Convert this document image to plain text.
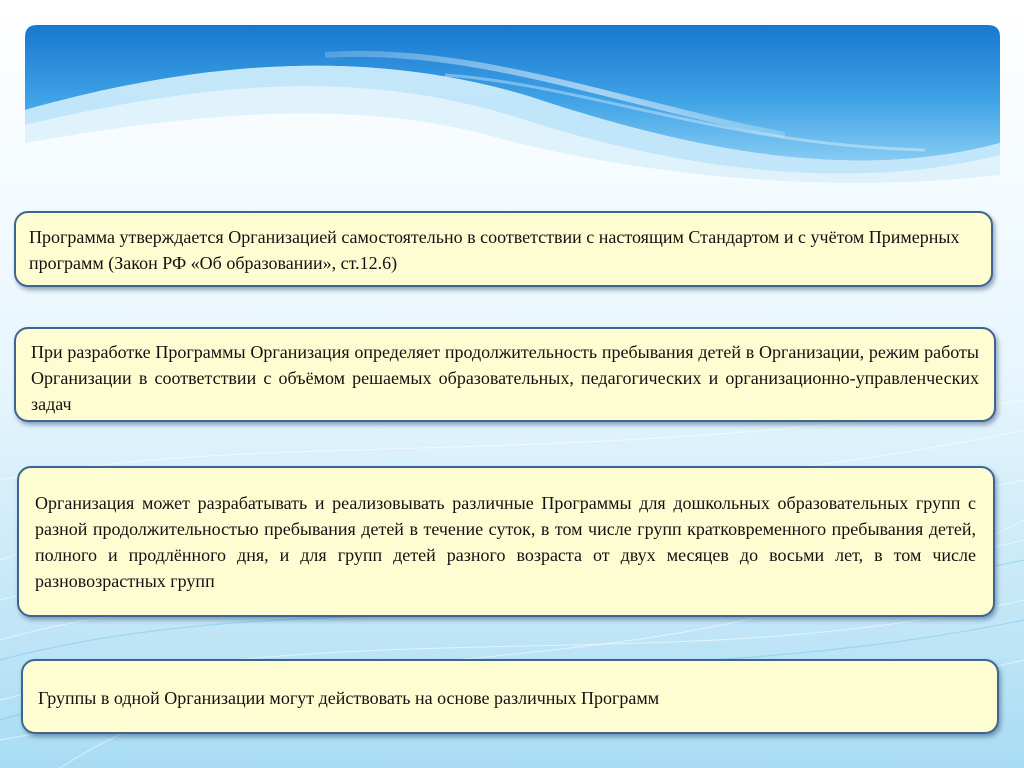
Программа утверждается Организацией самостоятельно в соответствии с настоящим Стандартом и с учётом Примерных программ (Закон РФ «Об образовании», ст.12.6)
При разработке Программы Организация определяет продолжительность пребывания детей в Организации, режим работы Организации в соответствии с объёмом решаемых образовательных, педагогических и организационно-управленческих задач
Организация может разрабатывать и реализовывать различные Программы для дошкольных образовательных групп с разной продолжительностью пребывания детей в течение суток, в том числе групп кратковременного пребывания детей, полного и продлённого дня, и для групп детей разного возраста от двух месяцев до восьми лет, в том числе разновозрастных групп
Группы в одной Организации могут действовать на основе различных Программ
